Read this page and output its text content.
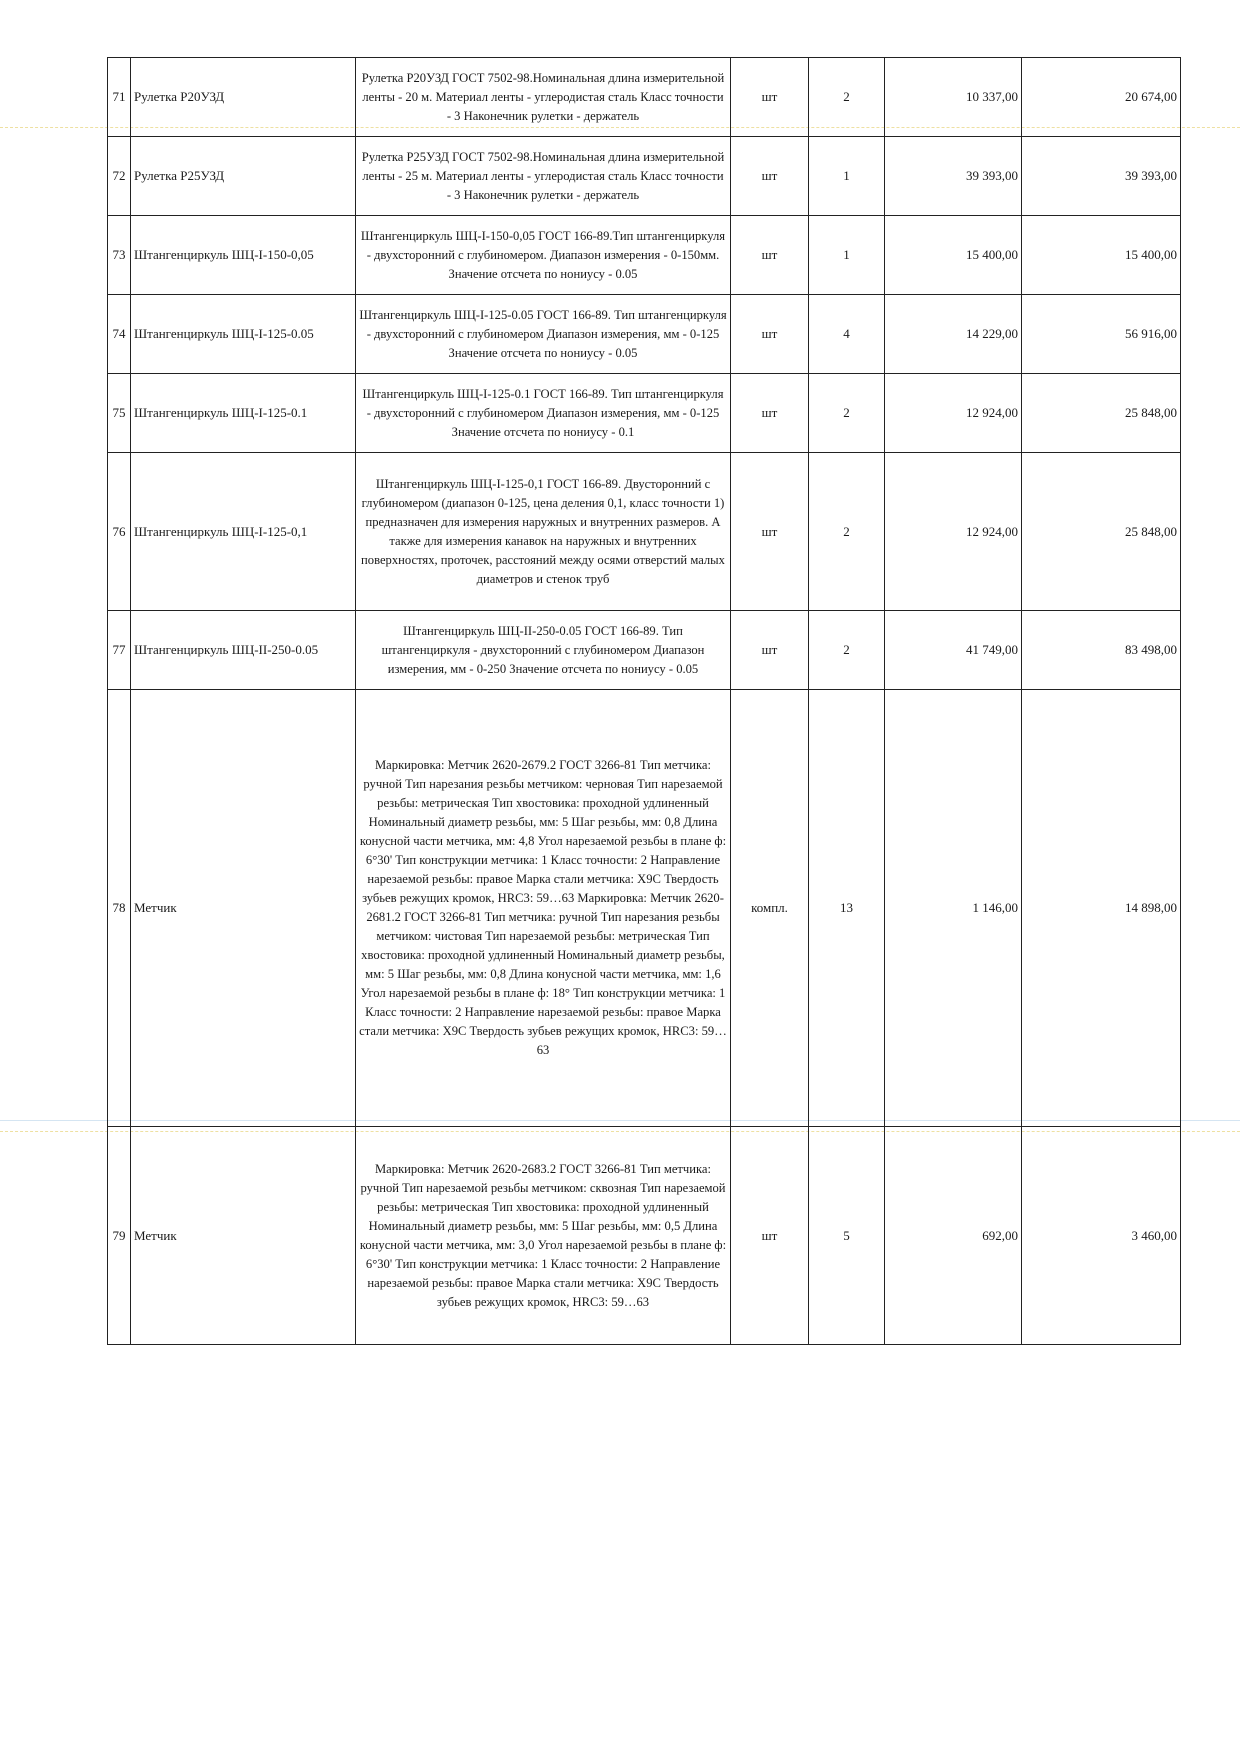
71	Рулетка Р20УЗД	Рулетка Р20УЗД ГОСТ 7502-98.Номинальная длина измерительной ленты - 20 м. Материал ленты - углеродистая сталь Класс точности - 3 Наконечник рулетки - держатель	шт	2	10 337,00	20 674,00
72	Рулетка Р25УЗД	Рулетка Р25УЗД ГОСТ 7502-98.Номинальная длина измерительной ленты - 25 м. Материал ленты - углеродистая сталь Класс точности - 3 Наконечник рулетки - держатель	шт	1	39 393,00	39 393,00
73	Штангенциркуль ШЦ-I-150-0,05	Штангенциркуль ШЦ-I-150-0,05 ГОСТ 166-89.Тип штангенциркуля - двухсторонний с глубиномером. Диапазон измерения - 0-150мм. Значение отсчета по нониусу - 0.05	шт	1	15 400,00	15 400,00
74	Штангенциркуль ШЦ-I-125-0.05	Штангенциркуль ШЦ-I-125-0.05 ГОСТ 166-89. Тип штангенциркуля - двухсторонний с глубиномером Диапазон измерения, мм - 0-125 Значение отсчета по нониусу - 0.05	шт	4	14 229,00	56 916,00
75	Штангенциркуль ШЦ-I-125-0.1	Штангенциркуль ШЦ-I-125-0.1 ГОСТ 166-89. Тип штангенциркуля - двухсторонний с глубиномером Диапазон измерения, мм - 0-125 Значение отсчета по нониусу - 0.1	шт	2	12 924,00	25 848,00
76	Штангенциркуль ШЦ-I-125-0,1	Штангенциркуль ШЦ-I-125-0,1 ГОСТ 166-89. Двусторонний с глубиномером (диапазон 0-125, цена деления 0,1, класс точности 1) предназначен для измерения наружных и внутренних размеров. А также для измерения канавок на наружных и внутренних поверхностях, проточек, расстояний между осями отверстий малых диаметров и стенок труб	шт	2	12 924,00	25 848,00
77	Штангенциркуль ШЦ-II-250-0.05	Штангенциркуль ШЦ-II-250-0.05 ГОСТ 166-89. Тип штангенциркуля - двухсторонний с глубиномером Диапазон измерения, мм - 0-250 Значение отсчета по нониусу - 0.05	шт	2	41 749,00	83 498,00
78	Метчик	Маркировка: Метчик 2620-2679.2 ГОСТ 3266-81 Тип метчика: ручной Тип нарезания резьбы метчиком: черновая Тип нарезаемой резьбы: метрическая Тип хвостовика: проходной удлиненный Номинальный диаметр резьбы, мм: 5 Шаг резьбы, мм: 0,8 Длина конусной части метчика, мм: 4,8 Угол нарезаемой резьбы в плане ф: 6°30' Тип конструкции метчика: 1 Класс точности: 2 Направление нарезаемой резьбы: правое Марка стали метчика: Х9С Твердость зубьев режущих кромок, HRC3: 59…63 Маркировка: Метчик 2620-2681.2 ГОСТ 3266-81 Тип метчика: ручной Тип нарезания резьбы метчиком: чистовая Тип нарезаемой резьбы: метрическая Тип хвостовика: проходной удлиненный Номинальный диаметр резьбы, мм: 5 Шаг резьбы, мм: 0,8 Длина конусной части метчика, мм: 1,6 Угол нарезаемой резьбы в плане ф: 18° Тип конструкции метчика: 1 Класс точности: 2 Направление нарезаемой резьбы: правое Марка стали метчика: Х9С Твердость зубьев режущих кромок, HRC3: 59…63	компл.	13	1 146,00	14 898,00
79	Метчик	Маркировка: Метчик 2620-2683.2 ГОСТ 3266-81 Тип метчика: ручной Тип нарезаемой резьбы метчиком: сквозная Тип нарезаемой резьбы: метрическая Тип хвостовика: проходной удлиненный Номинальный диаметр резьбы, мм: 5 Шаг резьбы, мм: 0,5 Длина конусной части метчика, мм: 3,0 Угол нарезаемой резьбы в плане ф: 6°30' Тип конструкции метчика: 1 Класс точности: 2 Направление нарезаемой резьбы: правое Марка стали метчика: Х9С Твердость зубьев режущих кромок, HRC3: 59…63	шт	5	692,00	3 460,00
